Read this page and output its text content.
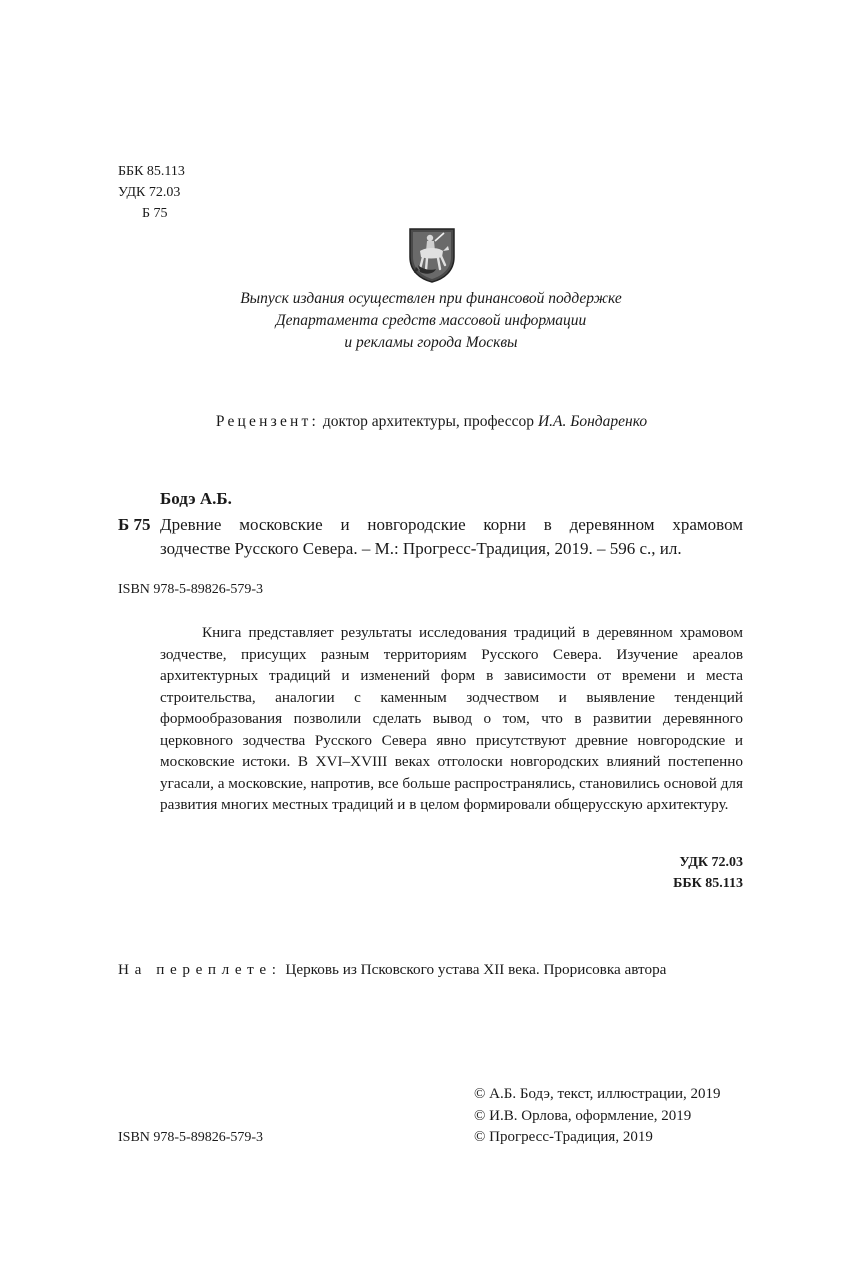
ББК 85.113
УДК 72.03
Б 75
Выпуск издания осуществлен при финансовой поддержке
Департамента средств массовой информации
и рекламы города Москвы
Рецензент: доктор архитектуры, профессор И.А. Бондаренко
Бодэ А.Б.
Б 75 Древние московские и новгородские корни в деревянном храмовом
зодчестве Русского Севера. – М.: Прогресс-Традиция, 2019. – 596 с., ил.
ISBN 978-5-89826-579-3

Книга представляет результаты исследования традиций в деревянном храмовом зодчестве, присущих разным территориям Русского Севера. Изучение ареалов архитектурных традиций и изменений форм в зависимости от времени и места строительства, аналогии с каменным зодчеством и выявление тенденций формообразования позволили сделать вывод о том, что в развитии деревянного церковного зодчества Русского Севера явно присутствуют древние новгородские и московские истоки. В XVI–XVIII веках отголоски новгородских влияний постепенно угасали, а московские, напротив, все больше распространялись, становились основой для развития многих местных традиций и в целом формировали общерусскую архитектуру.

УДК 72.03
ББК 85.113
На переплете: Церковь из Псковского устава XII века. Прорисовка автора
© А.Б. Бодэ, текст, иллюстрации, 2019
© И.В. Орлова, оформление, 2019
© Прогресс-Традиция, 2019
ISBN 978-5-89826-579-3
